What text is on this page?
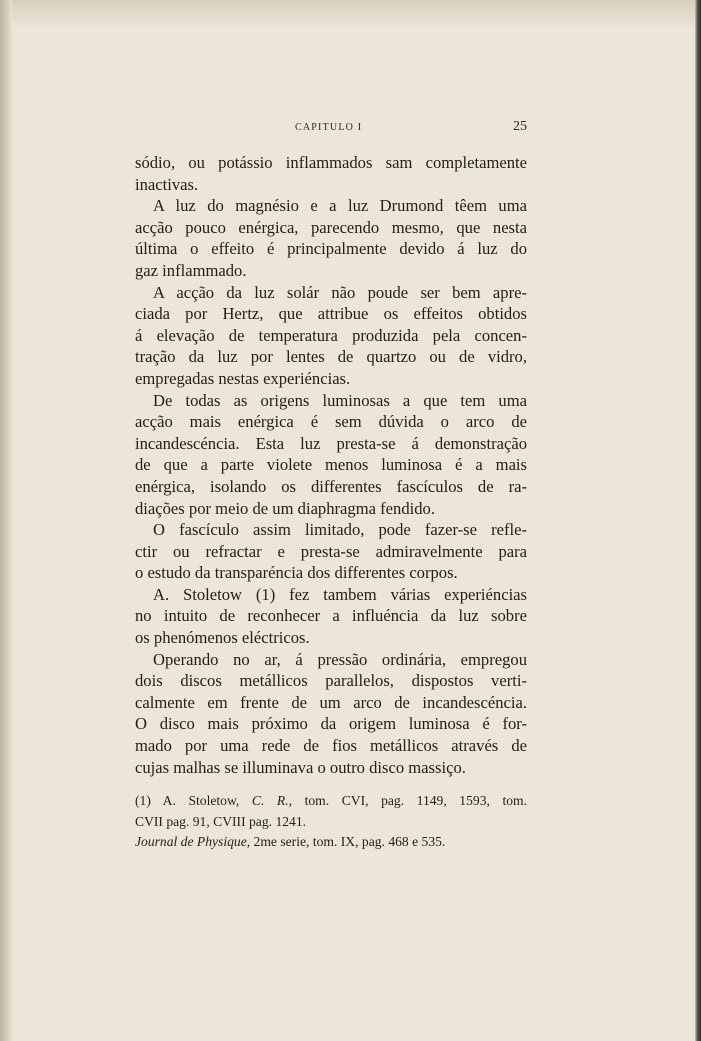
CAPITULO I	25
sódio, ou potássio inflammados sam completamente
inactivas.
A luz do magnésio e a luz Drumond têem uma
acção pouco enérgica, parecendo mesmo, que nesta
última o effeito é principalmente devido á luz do
gaz inflammado.
A acção da luz solár não poude ser bem apre-
ciada por Hertz, que attribue os effeitos obtidos
á elevação de temperatura produzida pela concen-
tração da luz por lentes de quartzo ou de vidro,
empregadas nestas experiéncias.
De todas as origens luminosas a que tem uma
acção mais enérgica é sem dúvida o arco de
incandescéncia. Esta luz presta-se á demonstração
de que a parte violete menos luminosa é a mais
enérgica, isolando os differentes fascículos de ra-
diações por meio de um diaphragma fendido.
O fascículo assim limitado, pode fazer-se refle-
ctir ou refractar e presta-se admiravelmente para
o estudo da transparéncia dos differentes corpos.
A. Stoletow (1) fez tambem várias experiéncias
no intuito de reconhecer a influéncia da luz sobre
os phenómenos eléctricos.
Operando no ar, á pressão ordinária, empregou
dois discos metállicos parallelos, dispostos verti-
calmente em frente de um arco de incandescéncia.
O disco mais próximo da origem luminosa é for-
mado por uma rede de fios metállicos através de
cujas malhas se illuminava o outro disco massiço.
(1) A. Stoletow, C. R., tom. CVI, pag. 1149, 1593, tom.
CVII pag. 91, CVIII pag. 1241.
Journal de Physique, 2me serie, tom. IX, pag. 468 e 535.
